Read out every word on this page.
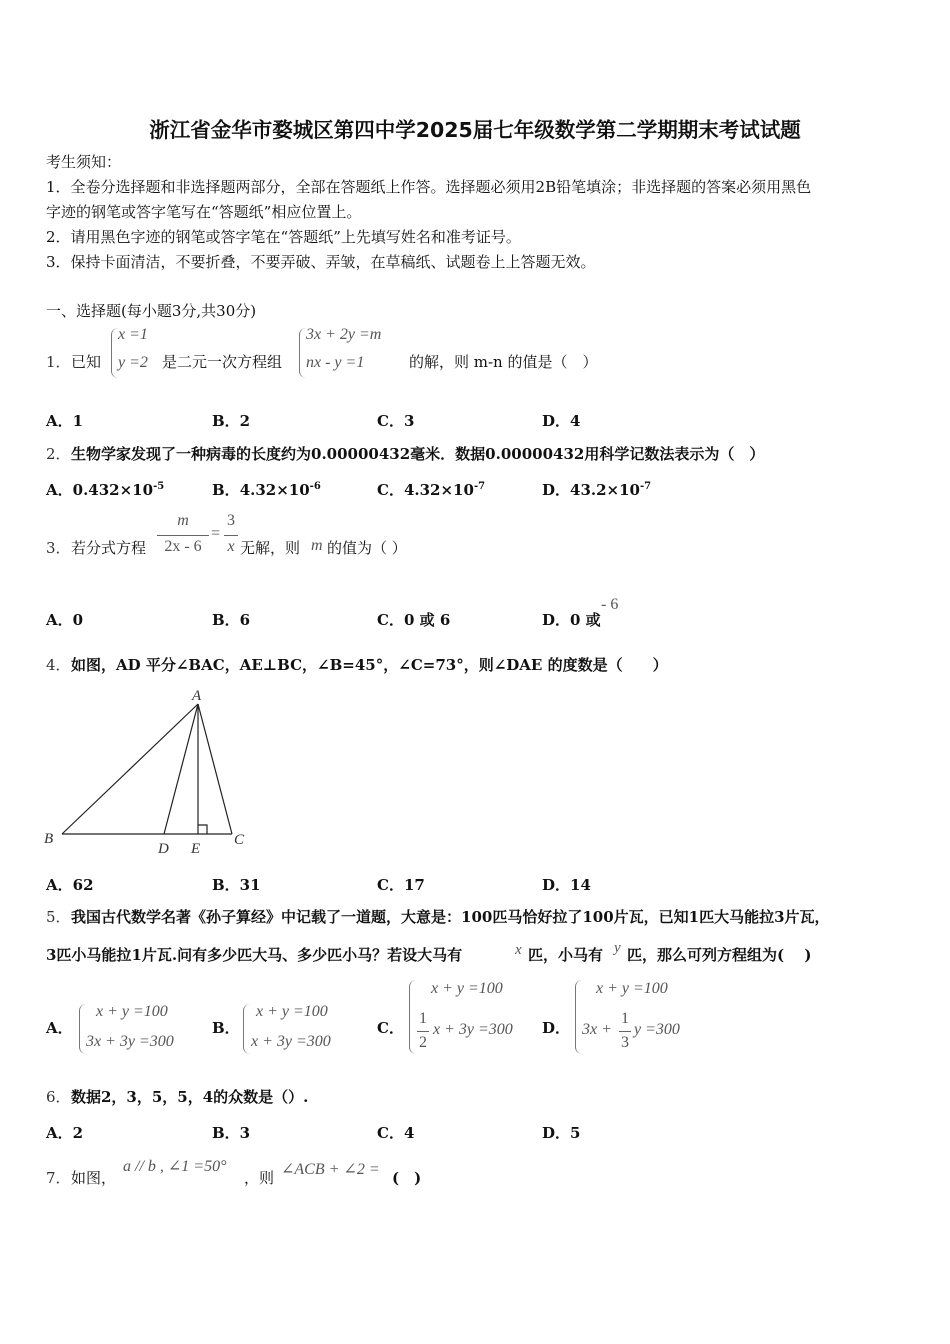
浙江省金华市婺城区第四中学2025届七年级数学第二学期期末考试试题
考生须知：
1．全卷分选择题和非选择题两部分，全部在答题纸上作答。选择题必须用2B铅笔填涂；非选择题的答案必须用黑色
字迹的钢笔或答字笔写在“答题纸”相应位置上。
2．请用黑色字迹的钢笔或答字笔在“答题纸”上先填写姓名和准考证号。
3．保持卡面清洁，不要折叠，不要弄破、弄皱，在草稿纸、试题卷上上答题无效。
一、选择题(每小题3分,共30分)
1． 已知
x =1
y =2 是二元一次方程组
3x + 2y =m
nx - y =1	的解，则 m-n 的值是（　）
A．1	B．2	C．3	D．4
2． 生物学家发现了一种病毒的长度约为0.00000432毫米．数据0.00000432用科学记数法表示为（　）
A．$0.432\times 10^{-5}$	B．$4.32\times 10^{-6}$	C．$4.32\times 10^{-7}$	D．$43.2\times 10^{-7}$
3． 若分式方程
m
2x - 6
=
3
x 无解，则 m 的值为（ ）
A．0	B．6	C．0 或 6	D．0 或
- 6
4． 如图，AD 平分∠BAC，AE⊥BC，∠B=45°，∠C=73°，则∠DAE 的度数是（　　）
A
B
D E
C
A．62	B．31	C．17	D．14
5． 我国古代数学名著《孙子算经》中记载了一道题，大意是：100匹马恰好拉了100片瓦，已知1匹大马能拉3片瓦，
3匹小马能拉1片瓦.问有多少匹大马、多少匹小马？若设大马有	x 匹，小马有 y 匹，那么可列方程组为(　 )
A．
x + y =100
3x + 3y =300
B．
x + y =100
x + 3y =300
C．
x + y =100
1
2
x + 3y =300 D．
x + y =100
3x +
1
3
y =300
6． 数据2，3，5，5，4的众数是（）.
A．2	B．3	C．4	D．5
7． 如图，
a // b , ∠1 =50°
，则 ∠ACB + ∠2 = (　)
